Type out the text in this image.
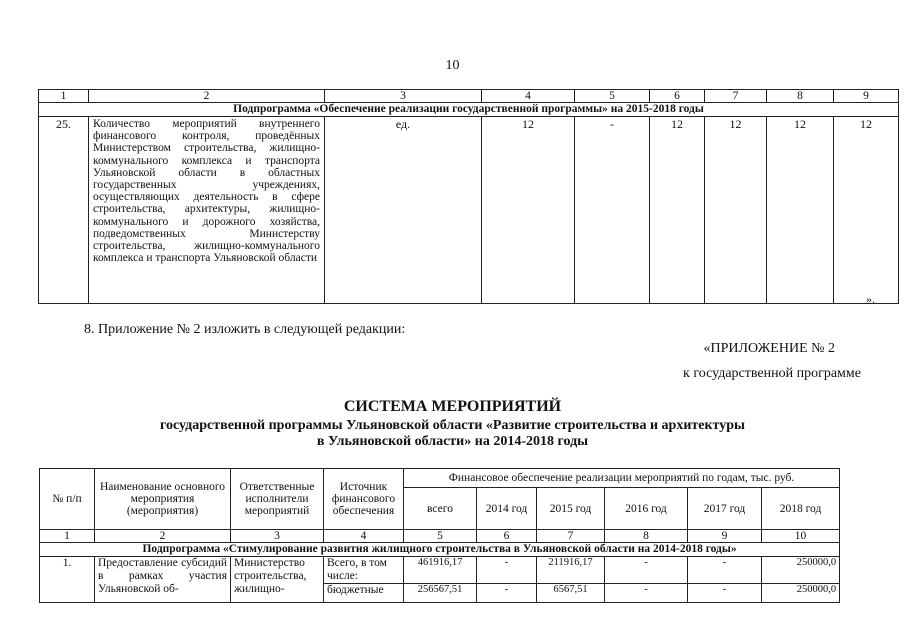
10
1	2	3	4	5	6	7	8	9
Подпрограмма «Обеспечение реализации государственной программы» на 2015-2018 годы								
25.	Количество мероприятий внутреннего финансового контроля, проведённых Министерством строительства, жилищно-коммунального комплекса и транспорта Ульяновской области в областных государственных учреждениях, осуществляющих деятельность в сфере строительства, архитектуры, жилищно-коммунального и дорожного хозяйства, подведомственных Министерству строительства, жилищно-коммунального комплекса и транспорта Ульяновской области	ед.	12	-	12	12	12	12
».
8. Приложение № 2 изложить в следующей редакции:
«ПРИЛОЖЕНИЕ № 2
к государственной программе
СИСТЕМА МЕРОПРИЯТИЙ
государственной программы Ульяновской области «Развитие строительства и архитектуры
в Ульяновской области» на 2014-2018 годы
№ п/п	Наименование основного мероприятия (мероприятия)	Ответственные исполнители мероприятий	Источник финансового обеспечения	Финансовое обеспечение реализации мероприятий по годам, тыс. руб.					
				всего	2014 год	2015 год	2016 год	2017 год	2018 год
1	2	3	4	5	6	7	8	9	10
Подпрограмма «Стимулирование развития жилищного строительства в Ульяновской области на 2014-2018 годы»									
1.	Предоставление субсидий в рамках участия Ульяновской об-	Министерство строительства, жилищно-	Всего, в том числе:	461916,17	-	211916,17	-	-	250000,0
			бюджетные	256567,51	-	6567,51	-	-	250000,0
